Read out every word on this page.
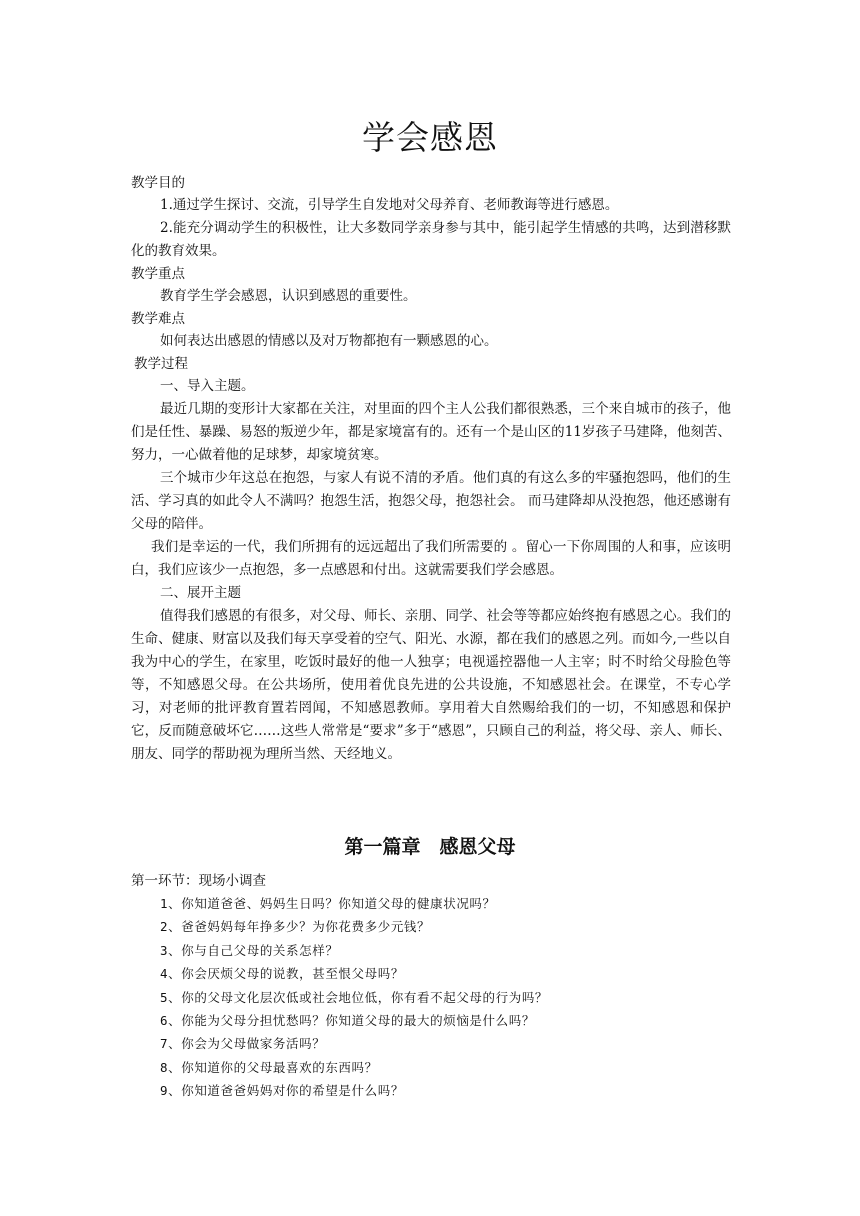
学会感恩

教学目的

1.通过学生探讨、交流，引导学生自发地对父母养育、老师教诲等进行感恩。

2.能充分调动学生的积极性，让大多数同学亲身参与其中，能引起学生情感的共鸣，达到潜移默化的教育效果。

教学重点

教育学生学会感恩，认识到感恩的重要性。

教学难点

如何表达出感恩的情感以及对万物都抱有一颗感恩的心。

教学过程

一、导入主题。

最近几期的变形计大家都在关注，对里面的四个主人公我们都很熟悉，三个来自城市的孩子，他们是任性、暴躁、易怒的叛逆少年，都是家境富有的。还有一个是山区的11岁孩子马建降，他刻苦、努力，一心做着他的足球梦，却家境贫寒。

三个城市少年这总在抱怨，与家人有说不清的矛盾。他们真的有这么多的牢骚抱怨吗，他们的生活、学习真的如此令人不满吗？抱怨生活，抱怨父母，抱怨社会。 而马建降却从没抱怨，他还感谢有父母的陪伴。

我们是幸运的一代，我们所拥有的远远超出了我们所需要的 。留心一下你周围的人和事，应该明白，我们应该少一点抱怨，多一点感恩和付出。这就需要我们学会感恩。

二、展开主题

值得我们感恩的有很多，对父母、师长、亲朋、同学、社会等等都应始终抱有感恩之心。我们的生命、健康、财富以及我们每天享受着的空气、阳光、水源，都在我们的感恩之列。而如今,一些以自我为中心的学生，在家里，吃饭时最好的他一人独享；电视遥控器他一人主宰；时不时给父母脸色等等，不知感恩父母。在公共场所，使用着优良先进的公共设施，不知感恩社会。在课堂，不专心学习，对老师的批评教育置若罔闻，不知感恩教师。享用着大自然赐给我们的一切，不知感恩和保护它，反而随意破坏它……这些人常常是“要求”多于“感恩”，只顾自己的利益，将父母、亲人、师长、朋友、同学的帮助视为理所当然、天经地义。

第一篇章　感恩父母

第一环节：现场小调查

1、你知道爸爸、妈妈生日吗？你知道父母的健康状况吗？

2、爸爸妈妈每年挣多少？为你花费多少元钱？

3、你与自己父母的关系怎样？

4、你会厌烦父母的说教，甚至恨父母吗？

5、你的父母文化层次低或社会地位低，你有看不起父母的行为吗？

6、你能为父母分担忧愁吗？你知道父母的最大的烦恼是什么吗？

7、你会为父母做家务活吗？

8、你知道你的父母最喜欢的东西吗？

9、你知道爸爸妈妈对你的希望是什么吗？
